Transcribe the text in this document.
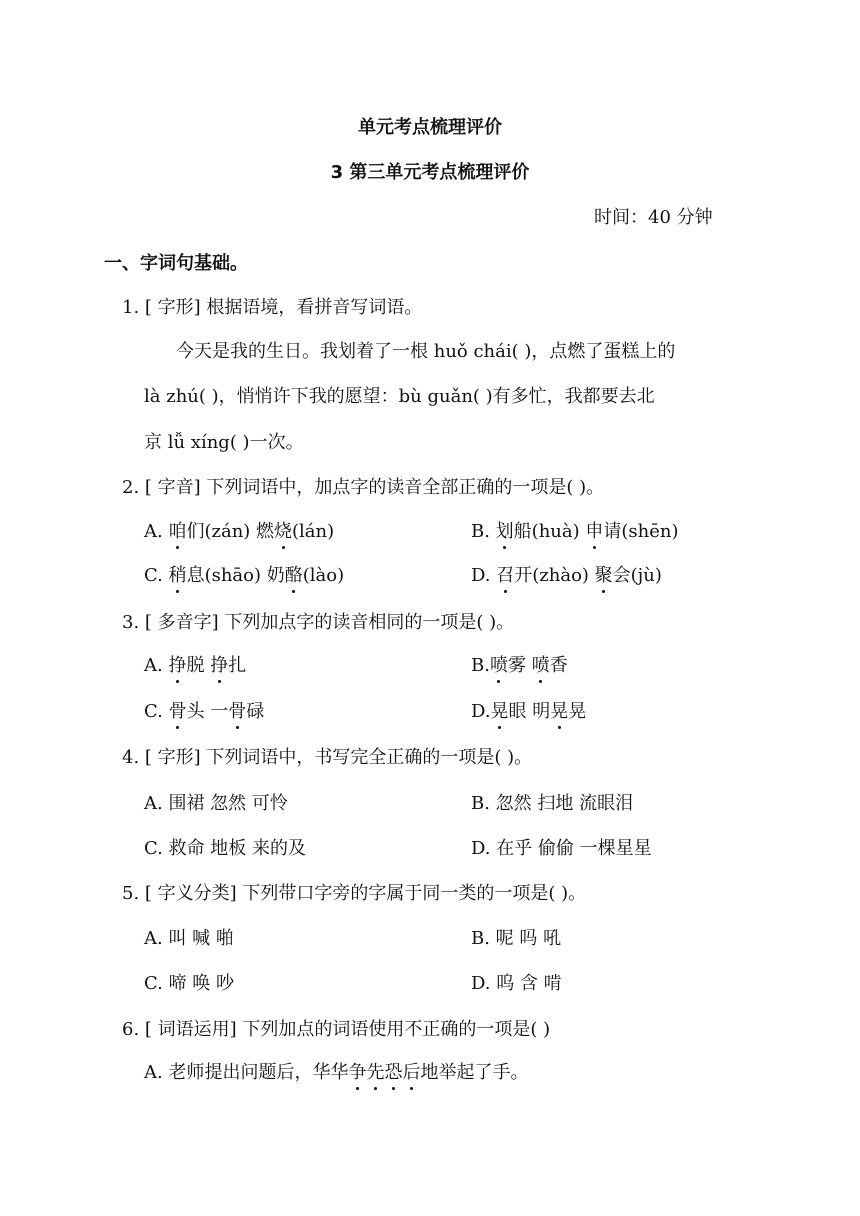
单元考点梳理评价
3 第三单元考点梳理评价
时间：40 分钟
一、字词句基础。
1. [ 字形] 根据语境，看拼音写词语。
今天是我的生日。我划着了一根 huǒ chái( )，点燃了蛋糕上的
là zhú( )，悄悄许下我的愿望：bù guǎn( )有多忙，我都要去北
京 lǚ xíng( )一次。
2. [ 字音] 下列词语中，加点字的读音全部正确的一项是( )。
A. 咱们(zán) 燃烧(lán)	B. 划船(huà) 申请(shēn)
C. 稍息(shāo) 奶酪(lào)	D. 召开(zhào) 聚会(jù)
3. [ 多音字] 下列加点字的读音相同的一项是( )。
A. 挣脱 挣扎	B.喷雾 喷香
C. 骨头 一骨碌	D.晃眼 明晃晃
4. [ 字形] 下列词语中，书写完全正确的一项是( )。
A. 围裙 忽然 可怜	B. 忽然 扫地 流眼泪
C. 救命 地板 来的及	D. 在乎 偷偷 一棵星星
5. [ 字义分类] 下列带口字旁的字属于同一类的一项是( )。
A. 叫 喊 啪	B. 呢 吗 吼
C. 啼 唤 吵	D. 呜 含 啃
6. [ 词语运用] 下列加点的词语使用不正确的一项是( )
A. 老师提出问题后，华华争先恐后地举起了手。
